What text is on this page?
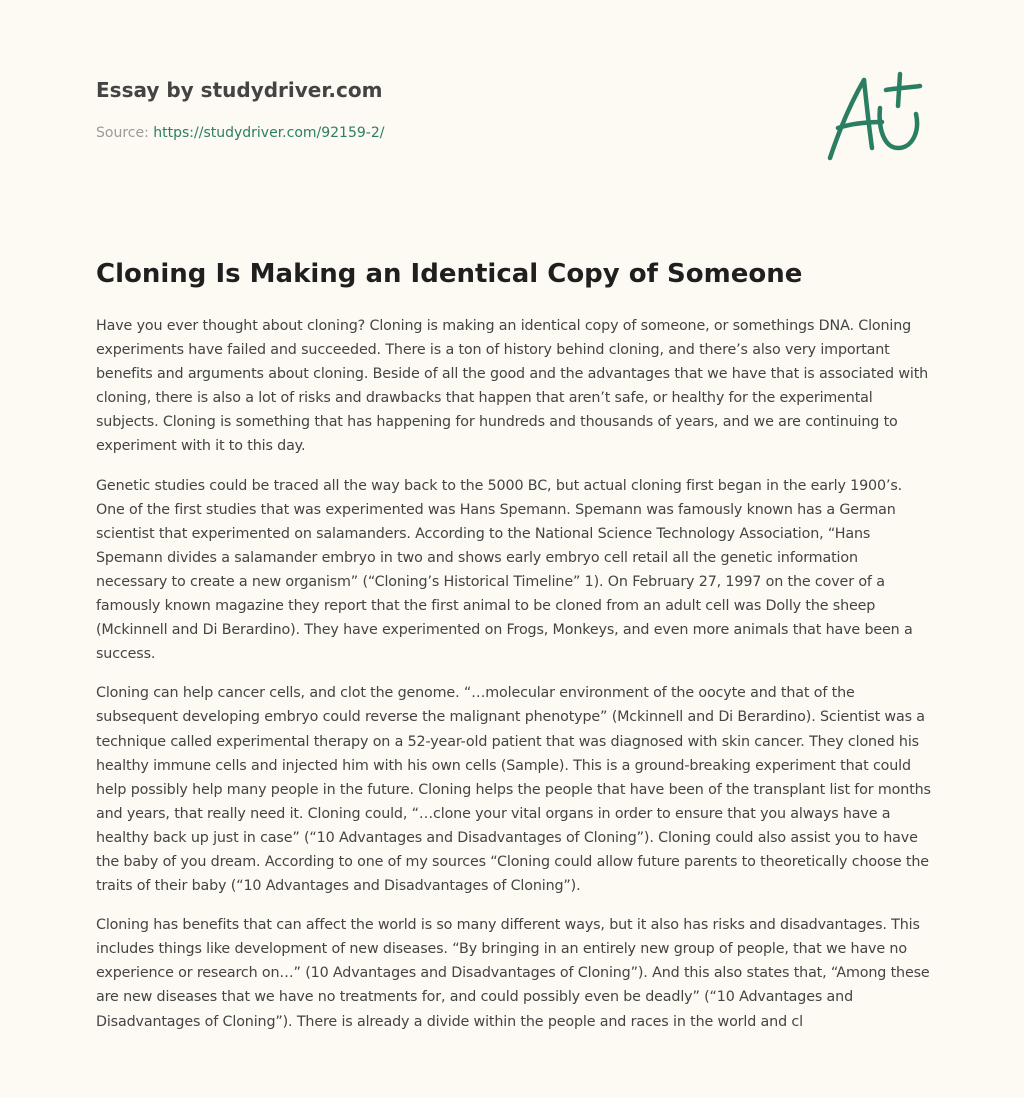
Essay by studydriver.com
Source: https://studydriver.com/92159-2/
Cloning Is Making an Identical Copy of Someone

Have you ever thought about cloning? Cloning is making an identical copy of someone, or somethings DNA. Cloning experiments have failed and succeeded. There is a ton of history behind cloning, and there’s also very important benefits and arguments about cloning. Beside of all the good and the advantages that we have that is associated with cloning, there is also a lot of risks and drawbacks that happen that aren’t safe, or healthy for the experimental subjects. Cloning is something that has happening for hundreds and thousands of years, and we are continuing to experiment with it to this day.

Genetic studies could be traced all the way back to the 5000 BC, but actual cloning first began in the early 1900’s. One of the first studies that was experimented was Hans Spemann. Spemann was famously known has a German scientist that experimented on salamanders. According to the National Science Technology Association, “Hans Spemann divides a salamander embryo in two and shows early embryo cell retail all the genetic information necessary to create a new organism” (“Cloning’s Historical Timeline” 1). On February 27, 1997 on the cover of a famously known magazine they report that the first animal to be cloned from an adult cell was Dolly the sheep (Mckinnell and Di Berardino). They have experimented on Frogs, Monkeys, and even more animals that have been a success.

Cloning can help cancer cells, and clot the genome. “…molecular environment of the oocyte and that of the subsequent developing embryo could reverse the malignant phenotype” (Mckinnell and Di Berardino). Scientist was a technique called experimental therapy on a 52-year-old patient that was diagnosed with skin cancer. They cloned his healthy immune cells and injected him with his own cells (Sample). This is a ground-breaking experiment that could help possibly help many people in the future. Cloning helps the people that have been of the transplant list for months and years, that really need it. Cloning could, “…clone your vital organs in order to ensure that you always have a healthy back up just in case” (“10 Advantages and Disadvantages of Cloning”). Cloning could also assist you to have the baby of you dream. According to one of my sources “Cloning could allow future parents to theoretically choose the traits of their baby (“10 Advantages and Disadvantages of Cloning”).

Cloning has benefits that can affect the world is so many different ways, but it also has risks and disadvantages. This includes things like development of new diseases. “By bringing in an entirely new group of people, that we have no experience or research on…” (10 Advantages and Disadvantages of Cloning”). And this also states that, “Among these are new diseases that we have no treatments for, and could possibly even be deadly” (“10 Advantages and Disadvantages of Cloning”). There is already a divide within the people and races in the world and cl
